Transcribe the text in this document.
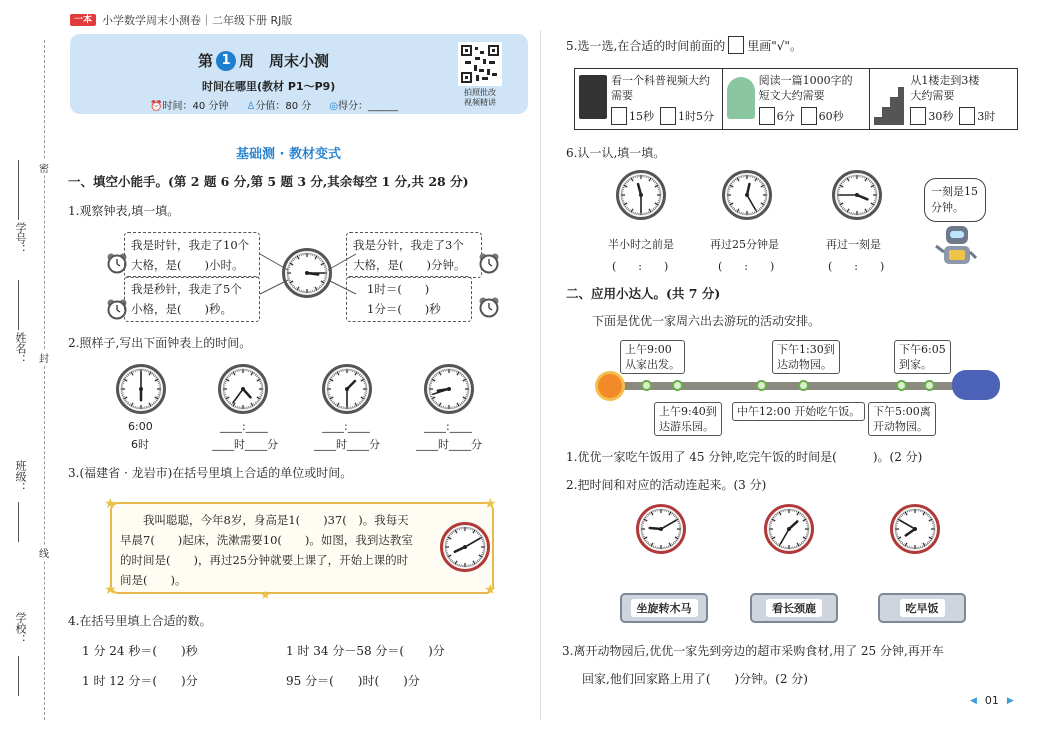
一本 小学数学周末小测卷｜二年级下册 RJ版
学号：
密
姓名： 封
班级：
线
学校：
第 1 周　周末小测
时间在哪里(教材 P1～P9)
⏰时间：40 分钟 ♙分值：80 分 ◎得分：______
拍照批改
视频精讲
基础测 · 教材变式
一、填空小能手。(第 2 题 6 分,第 5 题 3 分,其余每空 1 分,共 28 分)
1.观察钟表,填一填。
我是时针，我走了10个
大格，是(　　)小时。
我是秒针，我走了5个
小格，是(　　)秒。
我是分针，我走了3个
大格，是(　　)分钟。
1时＝(　　)
1分＝(　　)秒
2.照样子,写出下面钟表上的时间。
6:00
6时
____:____
____时____分
____:____
____时____分
____:____
____时____分
3.(福建省 · 龙岩市)在括号里填上合适的单位或时间。
　　我叫聪聪，今年8岁，身高是1(　　)37(　)。我每天
早晨7(　　)起床，洗漱需要10(　　)。如图，我到达教室
的时间是(　　)，再过25分钟就要上课了，开始上课的时
间是(　　)。
★	★
★	★
★
4.在括号里填上合适的数。
1 分 24 秒＝(　　)秒	1 时 34 分－58 分＝(　　)分
1 时 12 分＝(　　)分	95 分＝(　　)时(　　)分
5.选一选,在合适的时间前面的 里画"√"。
看一个科普视频大约
需要
15秒 1时5分
阅读一篇1000字的
短文大约需要
6分 60秒
从1楼走到3楼
大约需要
30秒 3时
6.认一认,填一填。
半小时之前是	再过25分钟是	再过一刻是
(　　:　　)	(　　:　　)	(　　:　　)
一刻是15
分钟。
二、应用小达人。(共 7 分)
下面是优优一家周六出去游玩的活动安排。
上午9:00
从家出发。
下午1:30到
达动物园。
下午6:05
到家。
上午9:40到
达游乐园。
中午12:00 开始吃午饭。 下午5:00离
开动物园。
1.优优一家吃午饭用了 45 分钟,吃完午饭的时间是(　　　)。(2 分)
2.把时间和对应的活动连起来。(3 分)
坐旋转木马	看长颈鹿	吃早饭
3.离开动物园后,优优一家先到旁边的超市采购食材,用了 25 分钟,再开车
回家,他们回家路上用了(　　)分钟。(2 分)
◀ 01 ▶
